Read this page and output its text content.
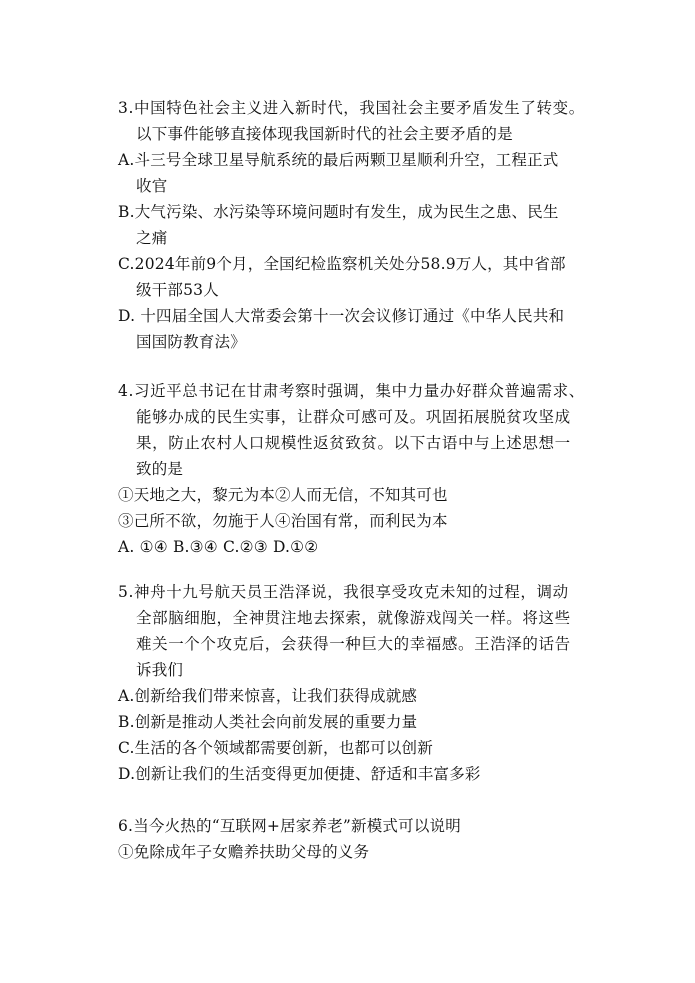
3.中国特色社会主义进入新时代，我国社会主要矛盾发生了转变。
以下事件能够直接体现我国新时代的社会主要矛盾的是
A.斗三号全球卫星导航系统的最后两颗卫星顺利升空，工程正式
收官
B.大气污染、水污染等环境问题时有发生，成为民生之患、民生
之痛
C.2024年前9个月，全国纪检监察机关处分58.9万人，其中省部
级干部53人
D. 十四届全国人大常委会第十一次会议修订通过《中华人民共和
国国防教育法》
4.习近平总书记在甘肃考察时强调，集中力量办好群众普遍需求、
能够办成的民生实事，让群众可感可及。巩固拓展脱贫攻坚成
果，防止农村人口规模性返贫致贫。以下古语中与上述思想一
致的是
①天地之大，黎元为本②人而无信，不知其可也
③己所不欲，勿施于人④治国有常，而利民为本
A. ①④ B.③④ C.②③ D.①②
5.神舟十九号航天员王浩泽说，我很享受攻克未知的过程，调动
全部脑细胞，全神贯注地去探索，就像游戏闯关一样。将这些
难关一个个攻克后，会获得一种巨大的幸福感。王浩泽的话告
诉我们
A.创新给我们带来惊喜，让我们获得成就感
B.创新是推动人类社会向前发展的重要力量
C.生活的各个领域都需要创新，也都可以创新
D.创新让我们的生活变得更加便捷、舒适和丰富多彩
6.当今火热的“互联网+居家养老”新模式可以说明
①免除成年子女赡养扶助父母的义务
